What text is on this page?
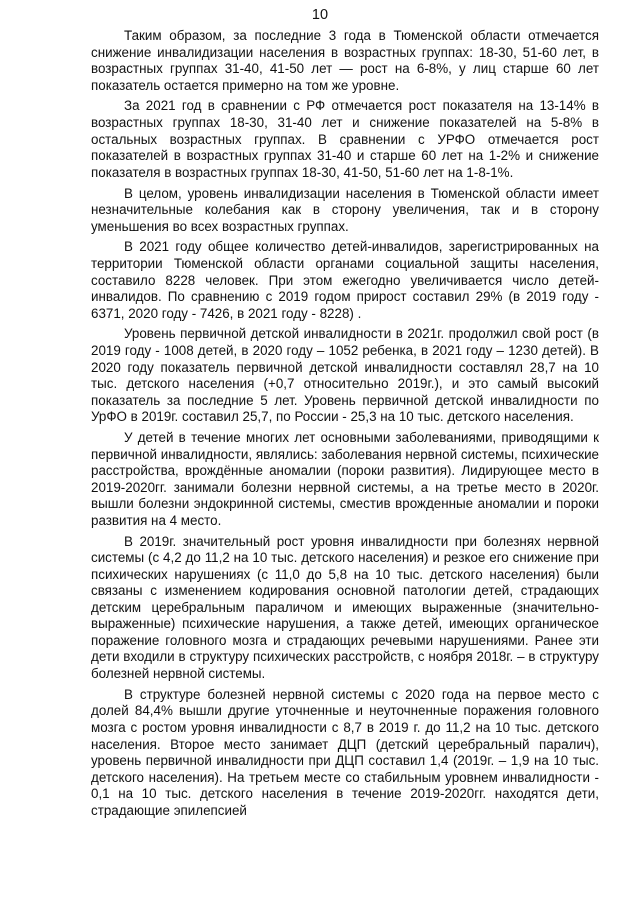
10

Таким образом, за последние 3 года в Тюменской области отмечается снижение инвалидизации населения в возрастных группах: 18-30, 51-60 лет, в возрастных группах 31-40, 41-50 лет — рост на 6-8%, у лиц старше 60 лет показатель остается примерно на том же уровне.

За 2021 год в сравнении с РФ отмечается рост показателя на 13-14% в возрастных группах 18-30, 31-40 лет и снижение показателей на 5-8% в остальных возрастных группах. В сравнении с УРФО отмечается рост показателей в возрастных группах 31-40 и старше 60 лет на 1-2% и снижение показателя в возрастных группах 18-30, 41-50, 51-60 лет на 1-8-1%.

В целом, уровень инвалидизации населения в Тюменской области имеет незначительные колебания как в сторону увеличения, так и в сторону уменьшения во всех возрастных группах.

В 2021 году общее количество детей-инвалидов, зарегистрированных на территории Тюменской области органами социальной защиты населения, составило 8228 человек. При этом ежегодно увеличивается число детей-инвалидов. По сравнению с 2019 годом прирост составил 29% (в 2019 году - 6371, 2020 году - 7426, в 2021 году - 8228) .

Уровень первичной детской инвалидности в 2021г. продолжил свой рост (в 2019 году - 1008 детей, в 2020 году – 1052 ребенка, в 2021 году – 1230 детей). В 2020 году показатель первичной детской инвалидности составлял 28,7 на 10 тыс. детского населения (+0,7 относительно 2019г.), и это самый высокий показатель за последние 5 лет. Уровень первичной детской инвалидности по УрФО в 2019г. составил 25,7, по России - 25,3 на 10 тыс. детского населения.

У детей в течение многих лет основными заболеваниями, приводящими к первичной инвалидности, являлись: заболевания нервной системы, психические расстройства, врождённые аномалии (пороки развития). Лидирующее место в 2019-2020гг. занимали болезни нервной системы, а на третье место в 2020г. вышли болезни эндокринной системы, сместив врожденные аномалии и пороки развития на 4 место.

В 2019г. значительный рост уровня инвалидности при болезнях нервной системы (с 4,2 до 11,2 на 10 тыс. детского населения) и резкое его снижение при психических нарушениях (с 11,0 до 5,8 на 10 тыс. детского населения) были связаны с изменением кодирования основной патологии детей, страдающих детским церебральным параличом и имеющих выраженные (значительно-выраженные) психические нарушения, а также детей, имеющих органическое поражение головного мозга и страдающих речевыми нарушениями. Ранее эти дети входили в структуру психических расстройств, с ноября 2018г. – в структуру болезней нервной системы.

В структуре болезней нервной системы с 2020 года на первое место с долей 84,4% вышли другие уточненные и неуточненные поражения головного мозга с ростом уровня инвалидности с 8,7 в 2019 г. до 11,2 на 10 тыс. детского населения. Второе место занимает ДЦП (детский церебральный паралич), уровень первичной инвалидности при ДЦП составил 1,4 (2019г. – 1,9 на 10 тыс. детского населения). На третьем месте со стабильным уровнем инвалидности - 0,1 на 10 тыс. детского населения в течение 2019-2020гг. находятся дети, страдающие эпилепсией
